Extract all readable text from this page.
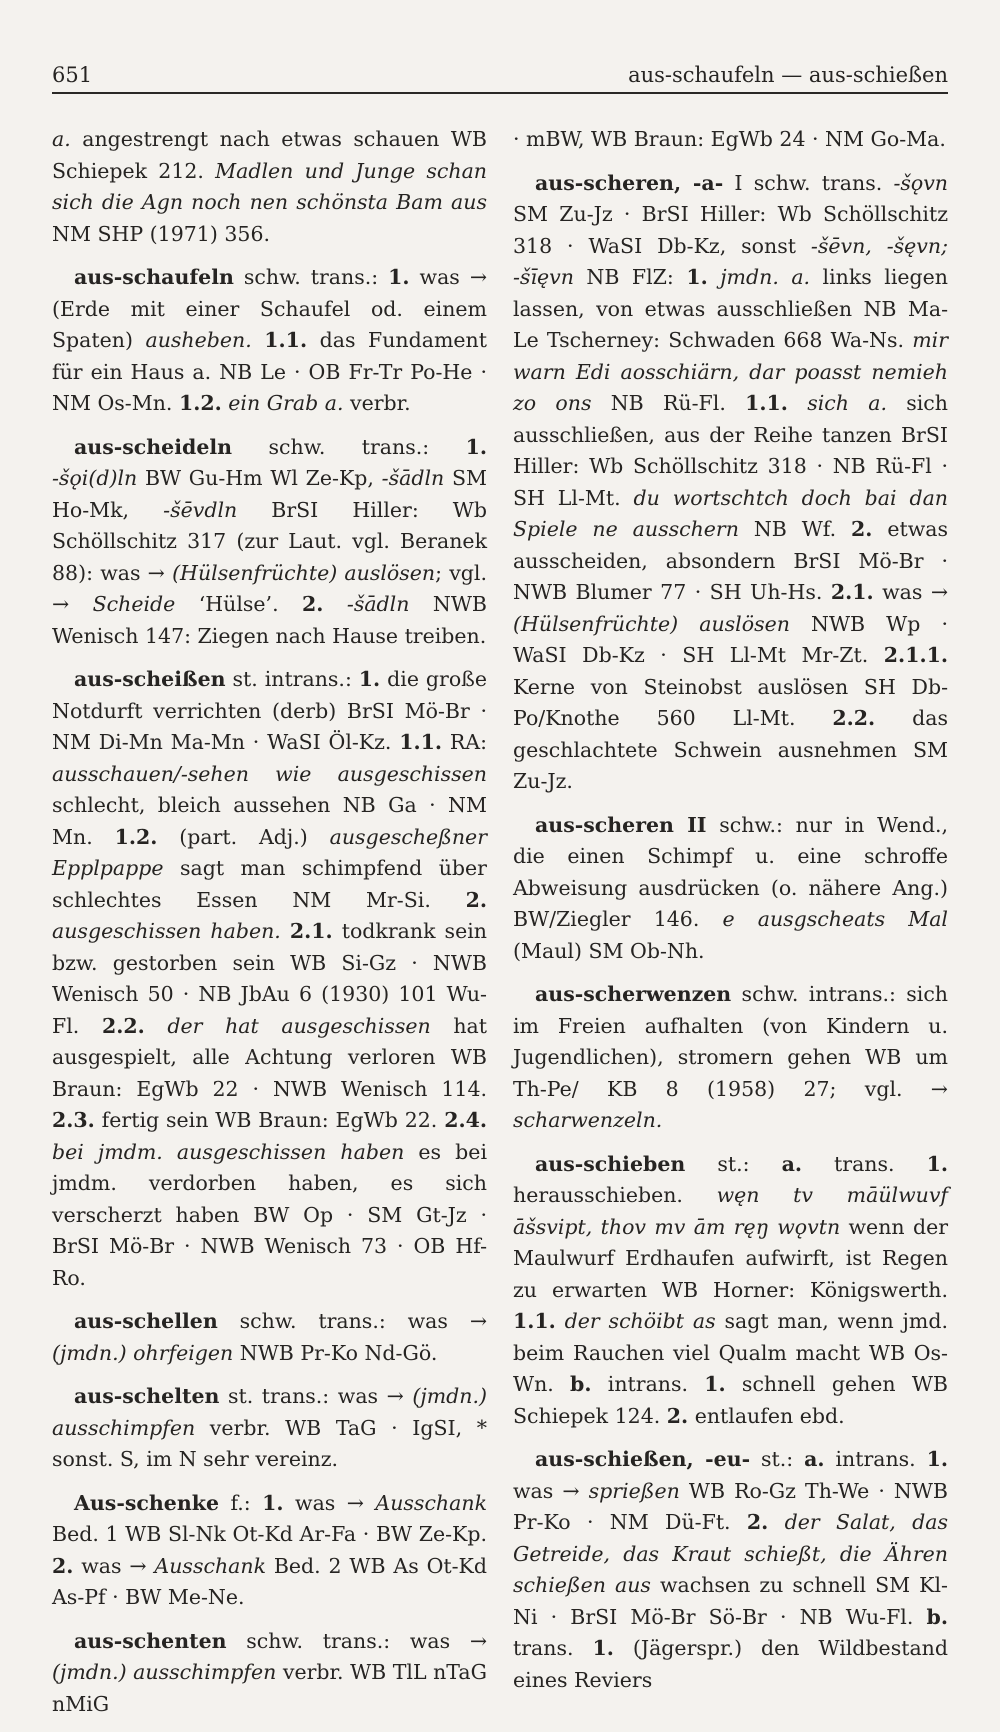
651	aus-schaufeln — aus-schießen

a. angestrengt nach etwas schauen WB Schiepek 212. Madlen und Junge schan sich die Agn noch nen schönsta Bam aus NM SHP (1971) 356.

aus-schaufeln schw. trans.: 1. was → (Erde mit einer Schaufel od. einem Spaten) ausheben. 1.1. das Fundament für ein Haus a. NB Le · OB Fr-Tr Po-He · NM Os-Mn. 1.2. ein Grab a. verbr.

aus-scheideln schw. trans.: 1. -šǫi(d)ln BW Gu-Hm Wl Ze-Kp, -šādln SM Ho-Mk, -šēvdln BrSI Hiller: Wb Schöllschitz 317 (zur Laut. vgl. Beranek 88): was → (Hülsenfrüchte) auslösen; vgl. → Scheide ‘Hülse’. 2. -šādln NWB Wenisch 147: Ziegen nach Hause treiben.

aus-scheißen st. intrans.: 1. die große Notdurft verrichten (derb) BrSI Mö-Br · NM Di-Mn Ma-Mn · WaSI Öl-Kz. 1.1. RA: ausschauen/-sehen wie ausgeschissen schlecht, bleich aussehen NB Ga · NM Mn. 1.2. (part. Adj.) ausgescheßner Epplpappe sagt man schimpfend über schlechtes Essen NM Mr-Si. 2. ausgeschissen haben. 2.1. todkrank sein bzw. gestorben sein WB Si-Gz · NWB Wenisch 50 · NB JbAu 6 (1930) 101 Wu-Fl. 2.2. der hat ausgeschissen hat ausgespielt, alle Achtung verloren WB Braun: EgWb 22 · NWB Wenisch 114. 2.3. fertig sein WB Braun: EgWb 22. 2.4. bei jmdm. ausgeschissen haben es bei jmdm. verdorben haben, es sich verscherzt haben BW Op · SM Gt-Jz · BrSI Mö-Br · NWB Wenisch 73 · OB Hf-Ro.

aus-schellen schw. trans.: was → (jmdn.) ohrfeigen NWB Pr-Ko Nd-Gö.

aus-schelten st. trans.: was → (jmdn.) ausschimpfen verbr. WB TaG · IgSI, * sonst. S, im N sehr vereinz.

Aus-schenke f.: 1. was → Ausschank Bed. 1 WB Sl-Nk Ot-Kd Ar-Fa · BW Ze-Kp. 2. was → Ausschank Bed. 2 WB As Ot-Kd As-Pf · BW Me-Ne.

aus-schenten schw. trans.: was → (jmdn.) ausschimpfen verbr. WB TlL nTaG nMiG

· mBW, WB Braun: EgWb 24 · NM Go-Ma.

aus-scheren, -a- I schw. trans. -šǫvn SM Zu-Jz · BrSI Hiller: Wb Schöllschitz 318 · WaSI Db-Kz, sonst -šēvn, -šęvn; -šīęvn NB FlZ: 1. jmdn. a. links liegen lassen, von etwas ausschließen NB Ma-Le Tscherney: Schwaden 668 Wa-Ns. mir warn Edi aosschiärn, dar poasst nemieh zo ons NB Rü-Fl. 1.1. sich a. sich ausschließen, aus der Reihe tanzen BrSI Hiller: Wb Schöllschitz 318 · NB Rü-Fl · SH Ll-Mt. du wortschtch doch bai dan Spiele ne ausschern NB Wf. 2. etwas ausscheiden, absondern BrSI Mö-Br · NWB Blumer 77 · SH Uh-Hs. 2.1. was → (Hülsenfrüchte) auslösen NWB Wp · WaSI Db-Kz · SH Ll-Mt Mr-Zt. 2.1.1. Kerne von Steinobst auslösen SH Db-Po/Knothe 560 Ll-Mt. 2.2. das geschlachtete Schwein ausnehmen SM Zu-Jz.

aus-scheren II schw.: nur in Wend., die einen Schimpf u. eine schroffe Abweisung ausdrücken (o. nähere Ang.) BW/Ziegler 146. e ausgscheats Mal (Maul) SM Ob-Nh.

aus-scherwenzen schw. intrans.: sich im Freien aufhalten (von Kindern u. Jugendlichen), stromern gehen WB um Th-Pe/ KB 8 (1958) 27; vgl. → scharwenzeln.

aus-schieben st.: a. trans. 1. herausschieben. węn tv māülwuvf āšsvipt, thov mv ām ręŋ wǫvtn wenn der Maulwurf Erdhaufen aufwirft, ist Regen zu erwarten WB Horner: Königswerth. 1.1. der schöibt as sagt man, wenn jmd. beim Rauchen viel Qualm macht WB Os-Wn. b. intrans. 1. schnell gehen WB Schiepek 124. 2. entlaufen ebd.

aus-schießen, -eu- st.: a. intrans. 1. was → sprießen WB Ro-Gz Th-We · NWB Pr-Ko · NM Dü-Ft. 2. der Salat, das Getreide, das Kraut schießt, die Ähren schießen aus wachsen zu schnell SM Kl-Ni · BrSI Mö-Br Sö-Br · NB Wu-Fl. b. trans. 1. (Jägerspr.) den Wildbestand eines Reviers
